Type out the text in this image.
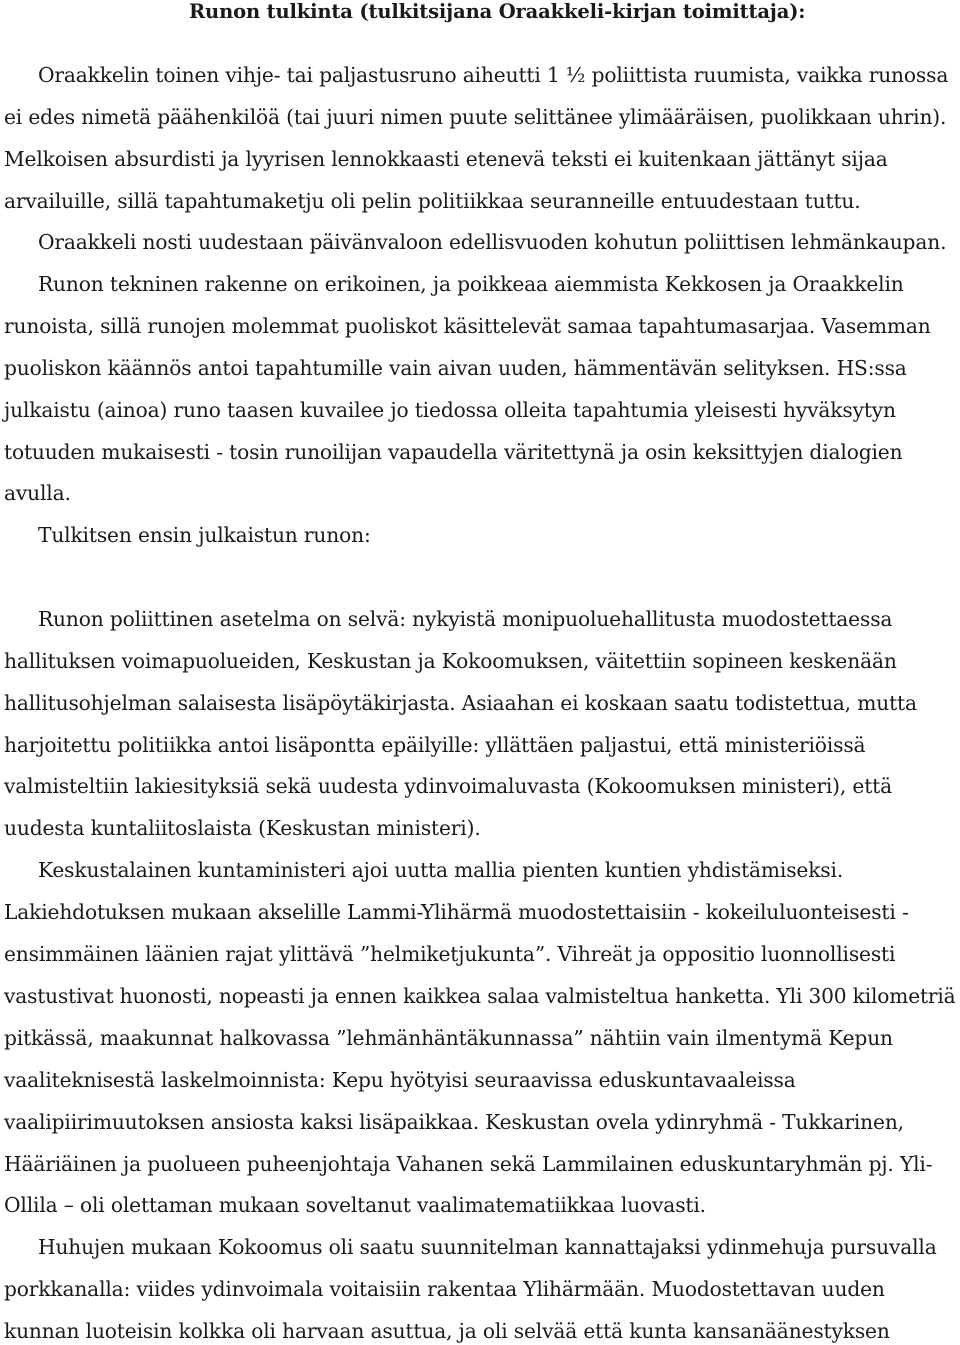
Runon tulkinta (tulkitsijana Oraakkeli-kirjan toimittaja):

Oraakkelin toinen vihje- tai paljastusruno aiheutti 1 ½ poliittista ruumista, vaikka runossa

ei edes nimetä päähenkilöä (tai juuri nimen puute selittänee ylimääräisen, puolikkaan uhrin).

Melkoisen absurdisti ja lyyrisen lennokkaasti etenevä teksti ei kuitenkaan jättänyt sijaa

arvailuille, sillä tapahtumaketju oli pelin politiikkaa seuranneille entuudestaan tuttu.

Oraakkeli nosti uudestaan päivänvaloon edellisvuoden kohutun poliittisen lehmänkaupan.

Runon tekninen rakenne on erikoinen, ja poikkeaa aiemmista Kekkosen ja Oraakkelin

runoista, sillä runojen molemmat puoliskot käsittelevät samaa tapahtumasarjaa. Vasemman

puoliskon käännös antoi tapahtumille vain aivan uuden, hämmentävän selityksen. HS:ssa

julkaistu (ainoa) runo taasen kuvailee jo tiedossa olleita tapahtumia yleisesti hyväksytyn

totuuden mukaisesti - tosin runoilijan vapaudella väritettynä ja osin keksittyjen dialogien

avulla.

Tulkitsen ensin julkaistun runon:

Runon poliittinen asetelma on selvä: nykyistä monipuoluehallitusta muodostettaessa

hallituksen voimapuolueiden, Keskustan ja Kokoomuksen, väitettiin sopineen keskenään

hallitusohjelman salaisesta lisäpöytäkirjasta. Asiaahan ei koskaan saatu todistettua, mutta

harjoitettu politiikka antoi lisäpontta epäilyille: yllättäen paljastui, että ministeriöissä

valmisteltiin lakiesityksiä sekä uudesta ydinvoimaluvasta (Kokoomuksen ministeri), että

uudesta kuntaliitoslaista (Keskustan ministeri).

Keskustalainen kuntaministeri ajoi uutta mallia pienten kuntien yhdistämiseksi.

Lakiehdotuksen mukaan akselille Lammi-Ylihärmä muodostettaisiin - kokeiluluonteisesti -

ensimmäinen läänien rajat ylittävä ”helmiketjukunta”. Vihreät ja oppositio luonnollisesti

vastustivat huonosti, nopeasti ja ennen kaikkea salaa valmisteltua hanketta. Yli 300 kilometriä

pitkässä, maakunnat halkovassa ”lehmänhäntäkunnassa” nähtiin vain ilmentymä Kepun

vaaliteknisestä laskelmoinnista: Kepu hyötyisi seuraavissa eduskuntavaaleissa

vaalipiirimuutoksen ansiosta kaksi lisäpaikkaa. Keskustan ovela ydinryhmä - Tukkarinen,

Hääriäinen ja puolueen puheenjohtaja Vahanen sekä Lammilainen eduskuntaryhmän pj. Yli-

Ollila – oli olettaman mukaan soveltanut vaalimatematiikkaa luovasti.

Huhujen mukaan Kokoomus oli saatu suunnitelman kannattajaksi ydinmehuja pursuvalla

porkkanalla: viides ydinvoimala voitaisiin rakentaa Ylihärmään. Muodostettavan uuden

kunnan luoteisin kolkka oli harvaan asuttua, ja oli selvää että kunta kansanäänestyksen
